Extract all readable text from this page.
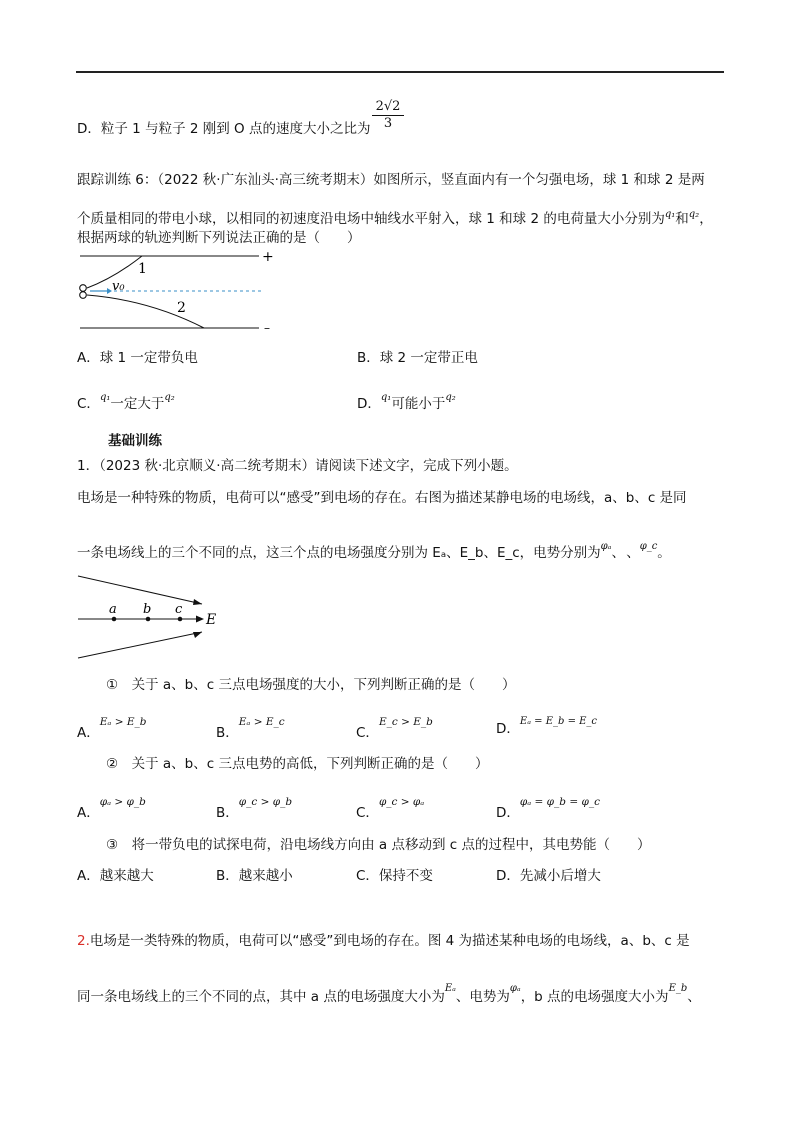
D．粒子 1 与粒子 2 刚到 O 点的速度大小之比为
2√2
3
跟踪训练 6：（2022 秋·广东汕头·高三统考期末）如图所示，竖直面内有一个匀强电场，球 1 和球 2 是两
个质量相同的带电小球，以相同的初速度沿电场中轴线水平射入，球 1 和球 2 的电荷量大小分别为$^{q_1}$和$^{q_2}$，
根据两球的轨迹判断下列说法正确的是（　　）
+
–
v₀
1
2
A．球 1 一定带负电	B．球 2 一定带正电
C．$^{q_1}$一定大于$^{q_2}$	D．$^{q_1}$可能小于$^{q_2}$
基础训练
1．（2023 秋·北京顺义·高二统考期末）请阅读下述文字，完成下列小题。
电场是一种特殊的物质，电荷可以“感受”到电场的存在。右图为描述某静电场的电场线，a、b、c 是同
一条电场线上的三个不同的点，这三个点的电场强度分别为 Eₐ、E_b、E_c，电势分别为$^{\varphi_a}$、 、$^{\varphi\_c}$。
a b c
E
①　关于 a、b、c 三点电场强度的大小，下列判断正确的是（　　）
A．$^{E_a > E\_b}$
B．$^{E_a > E\_c}$
C．$^{E\_c > E\_b}$	D．$^{E_a = E\_b = E\_c}$
②　关于 a、b、c 三点电势的高低，下列判断正确的是（　　）
A．$^{\varphi_a > \varphi\_b}$
B．$^{\varphi\_c > \varphi\_b}$
C．$^{\varphi\_c > \varphi_a}$
D．$^{\varphi_a = \varphi\_b = \varphi\_c}$
③　将一带负电的试探电荷，沿电场线方向由 a 点移动到 c 点的过程中，其电势能（　　）
A．越来越大	B．越来越小	C．保持不变	D．先减小后增大
2.电场是一类特殊的物质，电荷可以“感受”到电场的存在。图 4 为描述某种电场的电场线，a、b、c 是
同一条电场线上的三个不同的点，其中 a 点的电场强度大小为$^{E_a}$、电势为$^{\varphi_a}$，b 点的电场强度大小为$^{E\_b}$、
